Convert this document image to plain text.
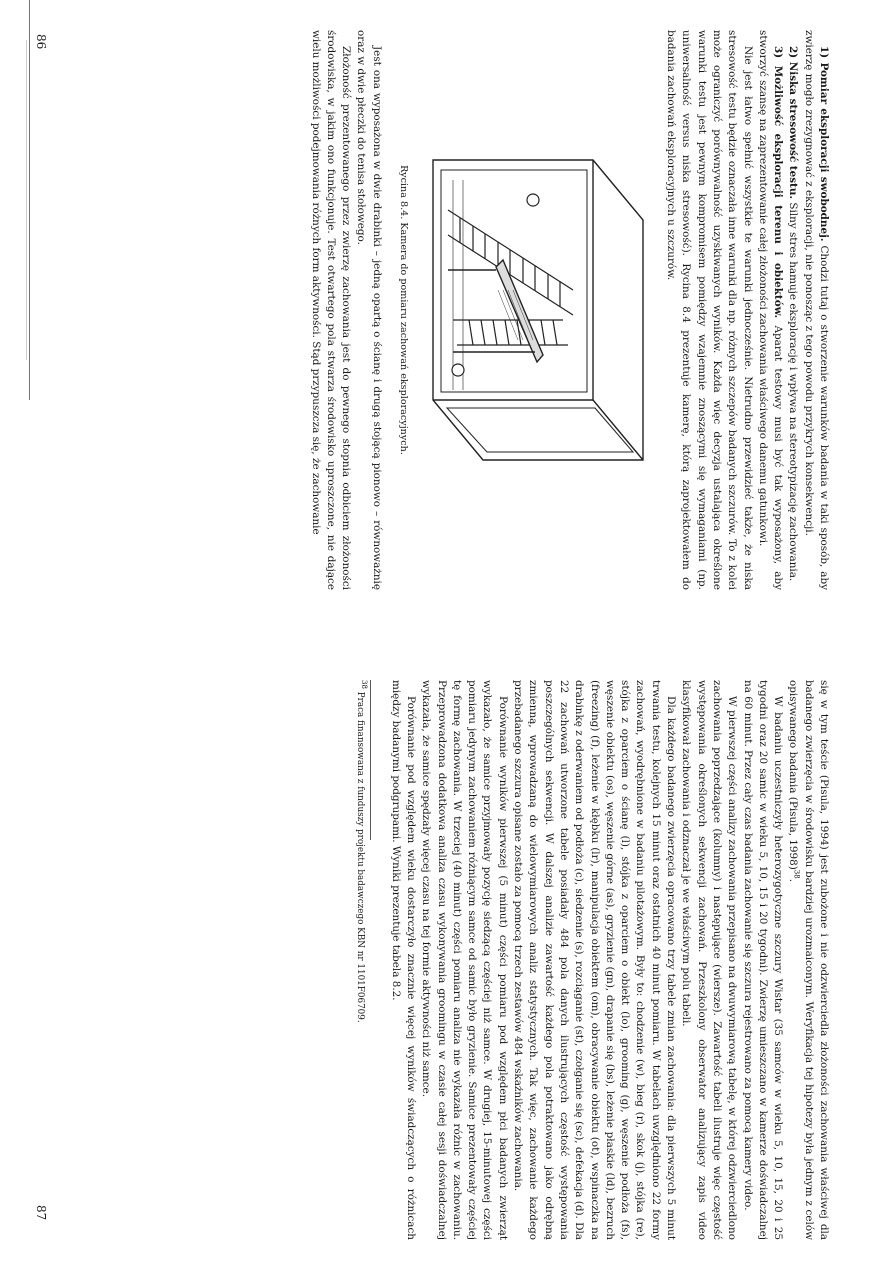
1) Pomiar eksploracji swobodnej. Chodzi tutaj o stworzenie warunków badania w taki sposób, aby zwierzę mogło zrezygnować z eksploracji, nie ponosząc z tego powodu przykrych konsekwencji.

2) Niska stresowość testu. Silny stres hamuje eksplorację i wpływa na stereotypizację zachowania.

3) Możliwość eksploracji terenu i obiektów. Aparat testowy musi być tak wyposażony, aby stworzyć szansę na zaprezentowanie całej złożoności zachowania właściwego danemu gatunkowi.

Nie jest łatwo spełnić wszystkie te warunki jednocześnie. Nietrudno przewidzieć także, że niska stresowość testu będzie oznaczała inne warunki dla np. różnych szczepów badanych szczurów. To z kolei może ograniczyć porównywalność uzyskiwanych wyników. Każda więc decyzja ustalająca określone warunki testu jest pewnym kompromisem pomiędzy wzajemnie znoszącymi się wymaganiami (np. uniwersalność versus niska stresowość). Rycina 8.4 prezentuje kamerę, którą zaprojektowałem do badania zachowań eksploracyjnych u szczurów.

Rycina 8.4. Kamera do pomiaru zachowań eksploracyjnych.

Jest ona wyposażona w dwie drabinki – jedną opartą o ścianę i drugą stojącą pionowo – równoważnię oraz w dwie płeczki do tenisa stołowego.

Złożoność prezentowanego przez zwierzę zachowania jest do pewnego stopnia odbiciem złożoności środowiska, w jakim ono funkcjonuje. Test otwartego pola stwarza środowisko uproszczone, nie dające wielu możliwości podejmowania różnych form aktywności. Stąd przypuszcza się, że zachowanie

86

się w tym teście (Pisula, 1994) jest zubożone i nie odzwierciedla złożoności zachowania właściwej dla badanego zwierzęcia w środowisku bardziej urozmaiconym. Weryfikacja tej hipotezy była jednym z celów opisywanego badania (Pisula, 1998)$^{38}$.

W badaniu uczestniczyły heterozygotyczne szczury Wistar (35 samców w wieku 5, 10, 15, 20 i 25 tygodni oraz 20 samic w wieku 5, 10, 15 i 20 tygodni). Zwierzę umieszczano w kamerze doświadczalnej na 60 minut. Przez cały czas badania zachowanie się szczura rejestrowano za pomocą kamery video.

W pierwszej części analizy zachowania przepisano na dwuwymiarową tabelę, w której odzwierciedlono zachowania poprzedzające (kolumny) i następujące (wiersze). Zawartość tabeli ilustruje więc częstość występowania określonych sekwencji zachowań. Przeszkolony obserwator analizujący zapis video klasyfikował zachowania i odznaczał je we właściwym polu tabeli.

Dla każdego badanego zwierzęcia opracowano trzy tabele zmian zachowania: dla pierwszych 5 minut trwania testu, kolejnych 15 minut oraz ostatnich 40 minut pomiaru. W tabelach uwzględniono 22 formy zachowań, wyodrębnione w badaniu pilotażowym. Były to: chodzenie (w), bieg (r), skok (j), stójka (re), stójka z oparciem o ścianę (l), stójka z oparciem o obiekt (lo), grooming (g), węszenie podłoża (fs), węszenie obiektu (os), węszenie górne (as), gryzienie (gn), drapanie się (bs), leżenie płaskie (ld), bezruch (freezing) (f), leżenie w kłębku (lr), manipulacja obiektem (om), obracywanie obiektu (ot), wspinaczka na drabinkę z oderwaniem od podłoża (c), siedzenie (s), rozciąganie (st), czołganie się (sc), defekacja (d). Dla 22 zachowań utworzone tabele posiadały 484 pola danych ilustrujących częstość występowania poszczególnych sekwencji. W dalszej analizie zawartość każdego pola potraktowano jako odrębną zmienną, wprowadzaną do wielowymiarowych analiz statystycznych. Tak więc, zachowanie każdego przebadanego szczura opisane zostało za pomocą trzech zestawów 484 wskaźników zachowania.

Porównanie wyników pierwszej (5 minut) części pomiaru pod względem płci badanych zwierząt wykazało, że samice przyjmowały pozycję siedzącą częściej niż samce. W drugiej, 15-minutowej części pomiaru jedynym zachowaniem różniącym samce od samic było gryzienie. Samice prezentowały częściej tę formę zachowania. W trzeciej (40 minut) części pomiaru analiza nie wykazała różnic w zachowaniu. Przeprowadzona dodatkowa analiza czasu wykonywania groomingu w czasie całej sesji doświadczalnej wykazała, że samice spędzały więcej czasu na tej formie aktywności niż samce.

Porównanie pod względem wieku dostarczyło znacznie więcej wyników świadczących o różnicach między badanymi podgrupami. Wyniki prezentuje tabela 8.2.

$^{38}$ Praca finansowana z funduszy projektu badawczego KBN nr 1101F06709.
87
